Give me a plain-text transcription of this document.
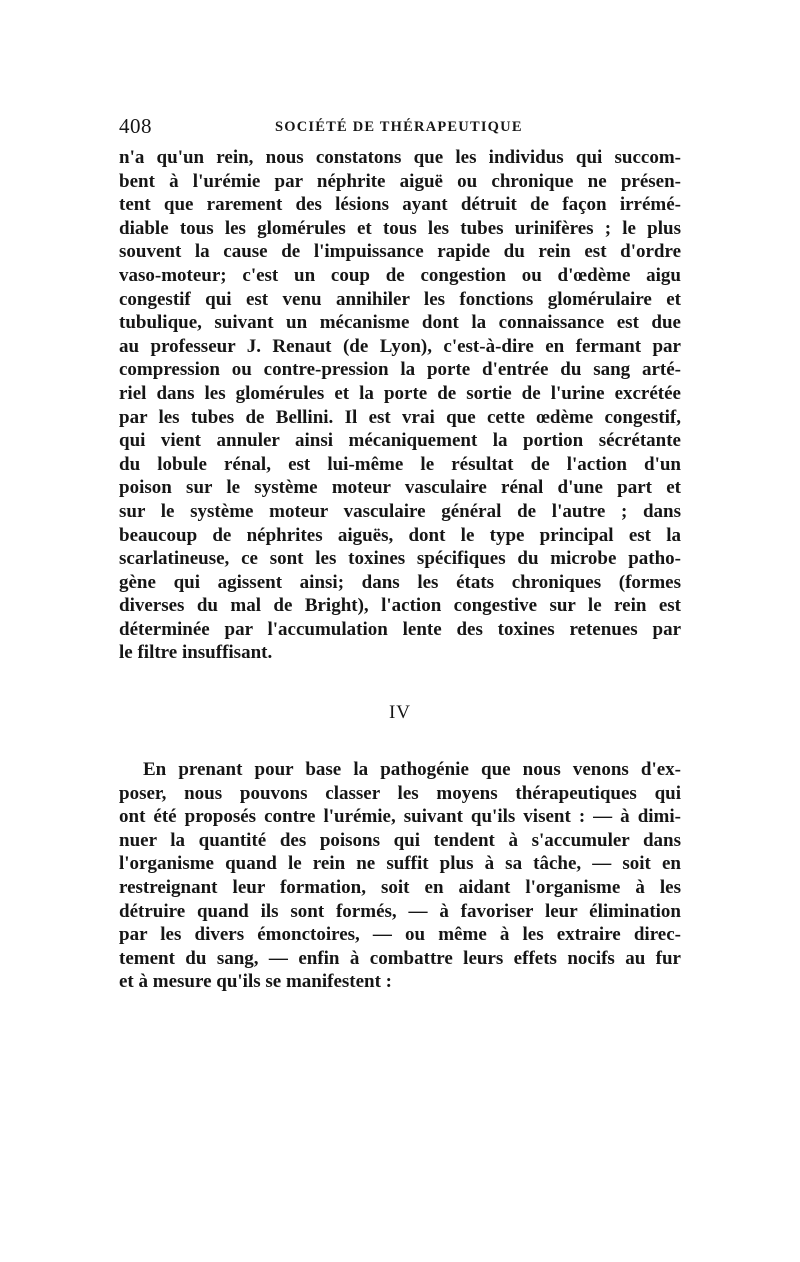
408	SOCIÉTÉ DE THÉRAPEUTIQUE
n'a qu'un rein, nous constatons que les individus qui succom-
bent à l'urémie par néphrite aiguë ou chronique ne présen-
tent que rarement des lésions ayant détruit de façon irrémé-
diable tous les glomérules et tous les tubes urinifères ; le plus
souvent la cause de l'impuissance rapide du rein est d'ordre
vaso-moteur; c'est un coup de congestion ou d'œdème aigu
congestif qui est venu annihiler les fonctions glomérulaire et
tubulique, suivant un mécanisme dont la connaissance est due
au professeur J. Renaut (de Lyon), c'est-à-dire en fermant par
compression ou contre-pression la porte d'entrée du sang arté-
riel dans les glomérules et la porte de sortie de l'urine excrétée
par les tubes de Bellini. Il est vrai que cette œdème congestif,
qui vient annuler ainsi mécaniquement la portion sécrétante
du lobule rénal, est lui-même le résultat de l'action d'un
poison sur le système moteur vasculaire rénal d'une part et
sur le système moteur vasculaire général de l'autre ; dans
beaucoup de néphrites aiguës, dont le type principal est la
scarlatineuse, ce sont les toxines spécifiques du microbe patho-
gène qui agissent ainsi; dans les états chroniques (formes
diverses du mal de Bright), l'action congestive sur le rein est
déterminée par l'accumulation lente des toxines retenues par
le filtre insuffisant.
IV
En prenant pour base la pathogénie que nous venons d'ex-
poser, nous pouvons classer les moyens thérapeutiques qui
ont été proposés contre l'urémie, suivant qu'ils visent : — à dimi-
nuer la quantité des poisons qui tendent à s'accumuler dans
l'organisme quand le rein ne suffit plus à sa tâche, — soit en
restreignant leur formation, soit en aidant l'organisme à les
détruire quand ils sont formés, — à favoriser leur élimination
par les divers émonctoires, — ou même à les extraire direc-
tement du sang, — enfin à combattre leurs effets nocifs au fur
et à mesure qu'ils se manifestent :
